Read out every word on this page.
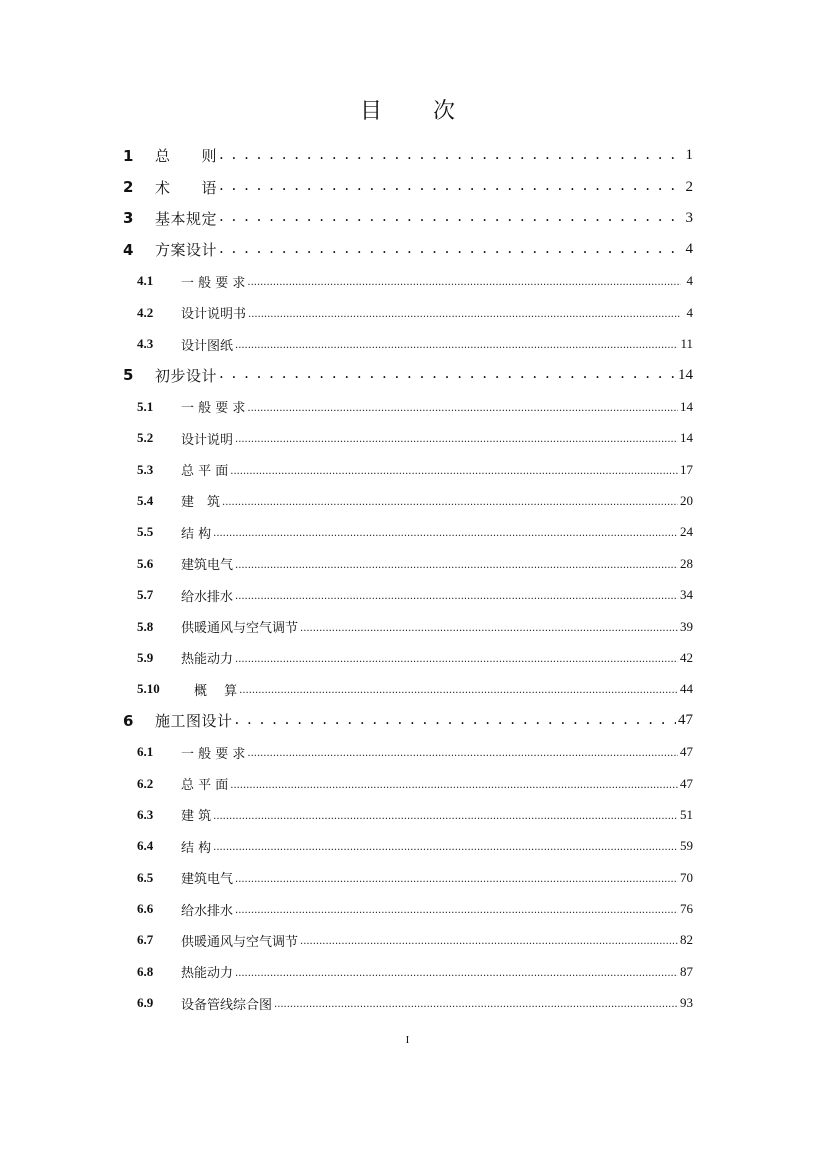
目 次
1	总　　则 . . .	1
2	术　　语 . . .	2
3	基本规定 . . .	3
4	方案设计 . . .	4
4.1	一 般 要 求 .....	4
4.2	设计说明书 .....	4
4.3	设计图纸 .....	11
5	初步设计 . . .	14
5.1	一 般 要 求 .....	14
5.2	设计说明 .....	14
5.3	总 平 面 .....	17
5.4	建　筑 .....	20
5.5	结 构 .....	24
5.6	建筑电气 .....	28
5.7	给水排水 .....	34
5.8	供暖通风与空气调节 .....	39
5.9	热能动力 .....	42
5.10	　概　 算 .....	44
6	施工图设计 . . .	47
6.1	一 般 要 求 .....	47
6.2	总 平 面 .....	47
6.3	建 筑 .....	51
6.4	结 构 .....	59
6.5	建筑电气 .....	70
6.6	给水排水 .....	76
6.7	供暖通风与空气调节 .....	82
6.8	热能动力 .....	87
6.9	设备管线综合图 .....	93
I
